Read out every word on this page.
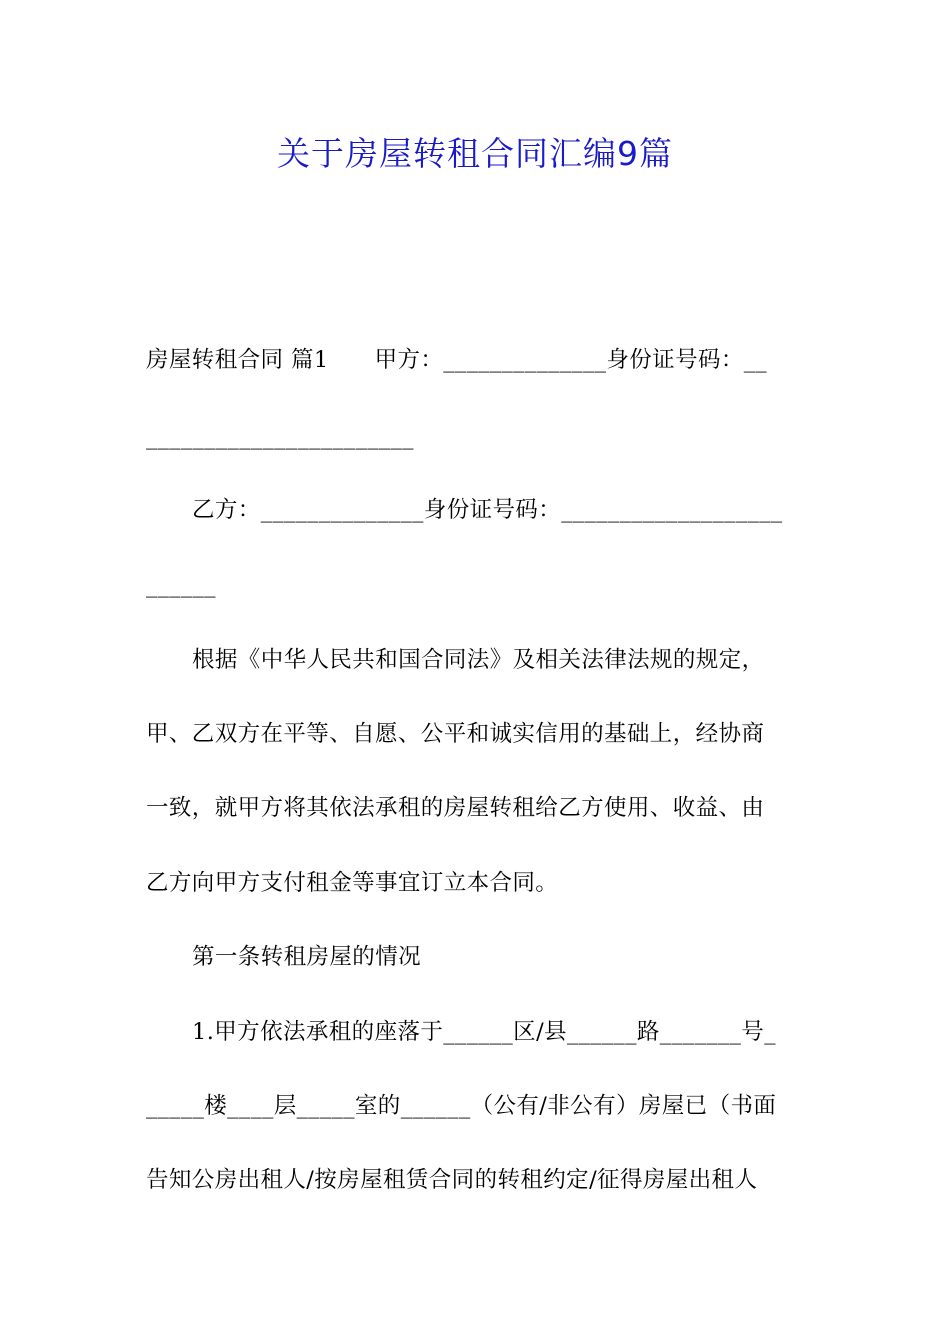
关于房屋转租合同汇编9篇
房屋转租合同 篇1 甲方：______________身份证号码：__
_______________________
乙方：______________身份证号码：___________________
______
根据《中华人民共和国合同法》及相关法律法规的规定，
甲、乙双方在平等、自愿、公平和诚实信用的基础上，经协商
一致，就甲方将其依法承租的房屋转租给乙方使用、收益、由
乙方向甲方支付租金等事宜订立本合同。
第一条转租房屋的情况
1.甲方依法承租的座落于______区/县______路_______号_
_____楼____层_____室的______（公有/非公有）房屋已（书面
告知公房出租人/按房屋租赁合同的转租约定/征得房屋出租人
